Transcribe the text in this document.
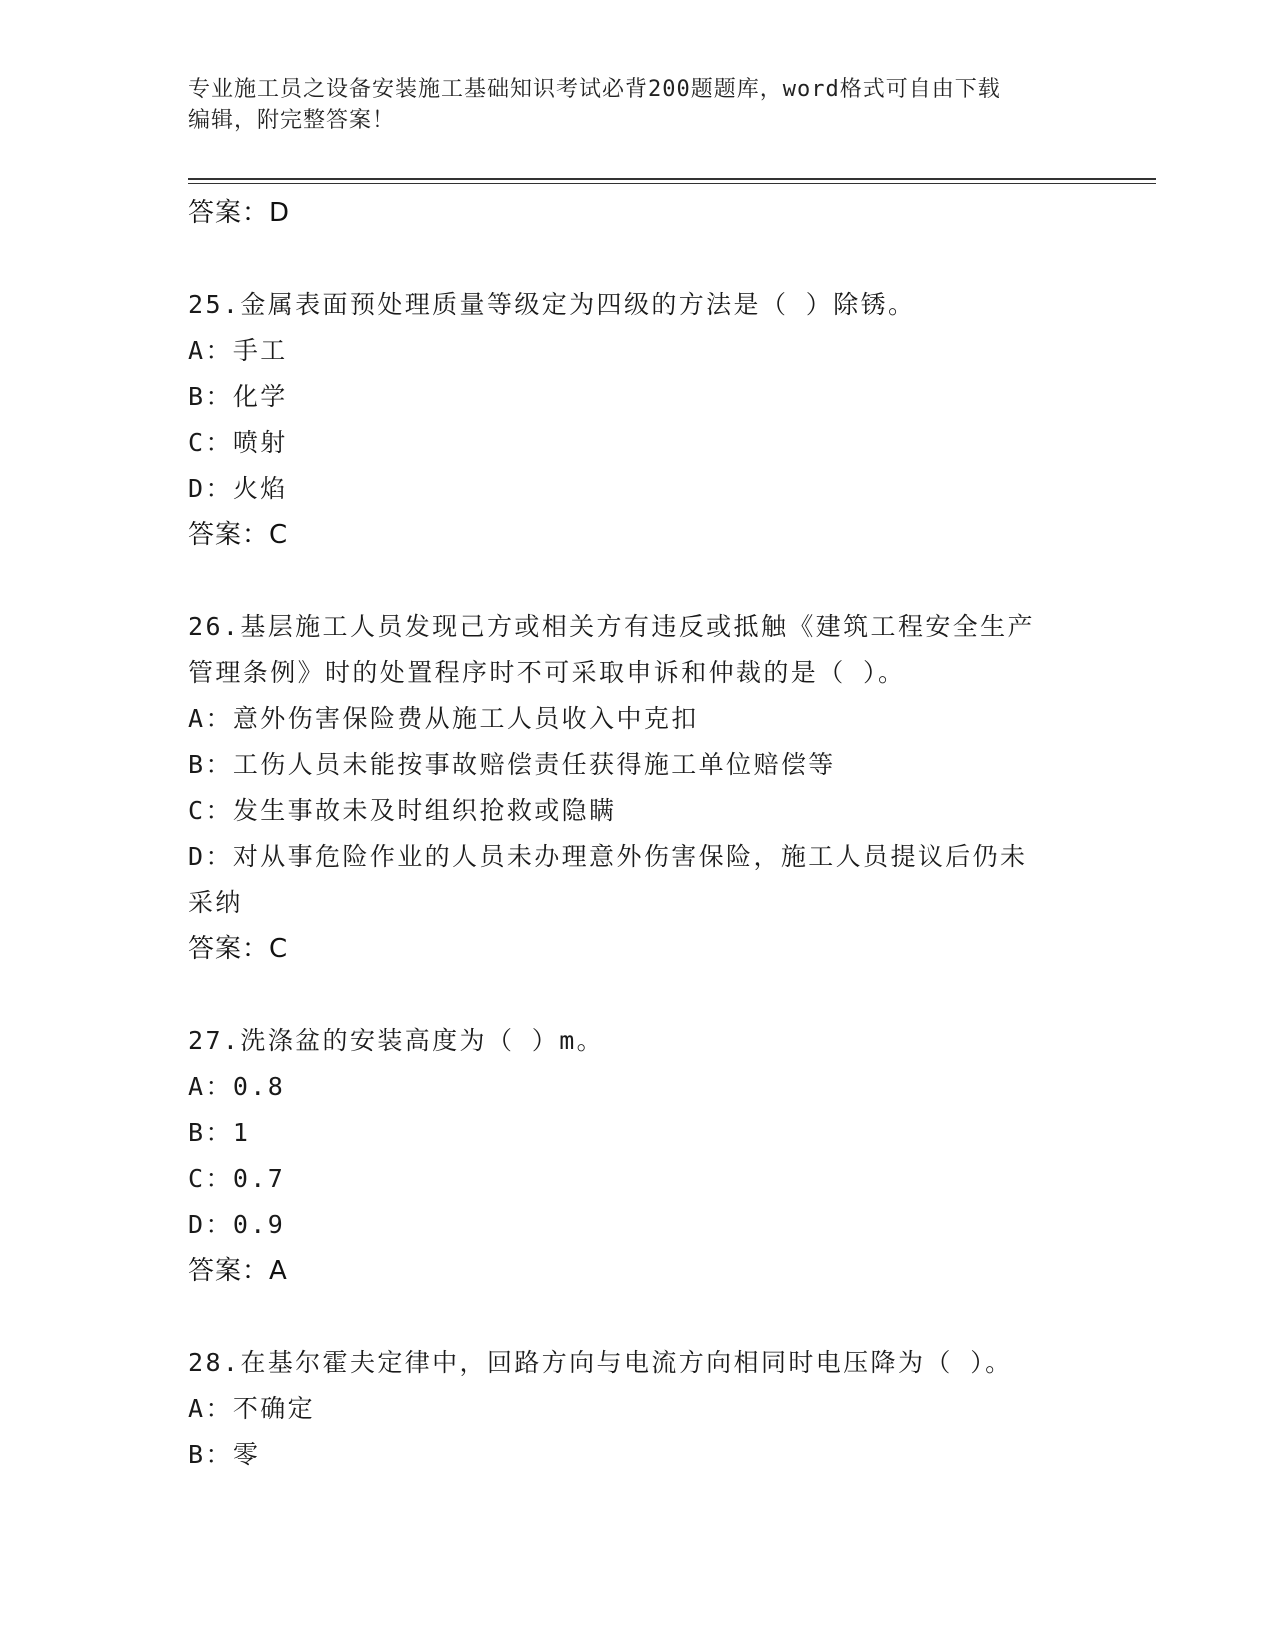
专业施工员之设备安装施工基础知识考试必背200题题库，word格式可自由下载
编辑，附完整答案！
答案：D
25.金属表面预处理质量等级定为四级的方法是（ ）除锈。
A：手工
B：化学
C：喷射
D：火焰
答案：C
26.基层施工人员发现己方或相关方有违反或抵触《建筑工程安全生产
管理条例》时的处置程序时不可采取申诉和仲裁的是（ ）。
A：意外伤害保险费从施工人员收入中克扣
B：工伤人员未能按事故赔偿责任获得施工单位赔偿等
C：发生事故未及时组织抢救或隐瞒
D：对从事危险作业的人员未办理意外伤害保险，施工人员提议后仍未
采纳
答案：C
27.洗涤盆的安装高度为（ ）m。
A：0.8
B：1
C：0.7
D：0.9
答案：A
28.在基尔霍夫定律中，回路方向与电流方向相同时电压降为（ ）。
A：不确定
B：零
